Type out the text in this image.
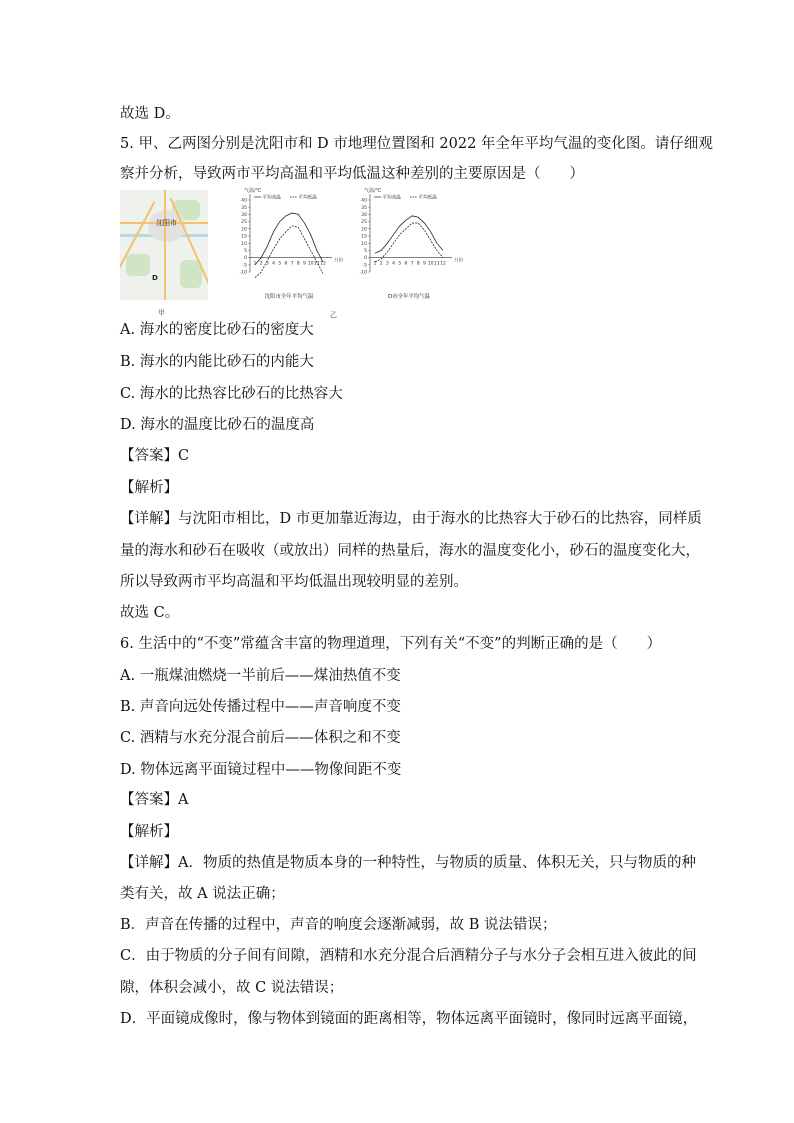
故选 D。
5. 甲、乙两图分别是沈阳市和 D 市地理位置图和 2022 年全年平均气温的变化图。请仔细观
察并分析，导致两市平均高温和平均低温这种差别的主要原因是（　　）
沈阳市
D
甲
气温/℃
-10
-5
0
5
10
15
20
25
30
35
40
1 2 3 4 5 6 7 8 9 10 11 12
月份
平均高温	平均低温
沈阳市全年平均气温
气温/℃
-10
-5
0
5
10
15
20
25
30
35
40
1 2 3 4 5 6 7 8 9 10 11 12
月份
平均高温	平均低温
D市全年平均气温
乙
A. 海水的密度比砂石的密度大
B. 海水的内能比砂石的内能大
C. 海水的比热容比砂石的比热容大
D. 海水的温度比砂石的温度高
【答案】C
【解析】
【详解】与沈阳市相比，D 市更加靠近海边，由于海水的比热容大于砂石的比热容，同样质
量的海水和砂石在吸收（或放出）同样的热量后，海水的温度变化小，砂石的温度变化大，
所以导致两市平均高温和平均低温出现较明显的差别。
故选 C。
6. 生活中的“不变”常蕴含丰富的物理道理，下列有关“不变”的判断正确的是（　　）
A. 一瓶煤油燃烧一半前后——煤油热值不变
B. 声音向远处传播过程中——声音响度不变
C. 酒精与水充分混合前后——体积之和不变
D. 物体远离平面镜过程中——物像间距不变
【答案】A
【解析】
【详解】A．物质的热值是物质本身的一种特性，与物质的质量、体积无关，只与物质的种
类有关，故 A 说法正确；
B．声音在传播的过程中，声音的响度会逐渐减弱，故 B 说法错误；
C．由于物质的分子间有间隙，酒精和水充分混合后酒精分子与水分子会相互进入彼此的间
隙，体积会减小，故 C 说法错误；
D．平面镜成像时，像与物体到镜面的距离相等，物体远离平面镜时，像同时远离平面镜，
